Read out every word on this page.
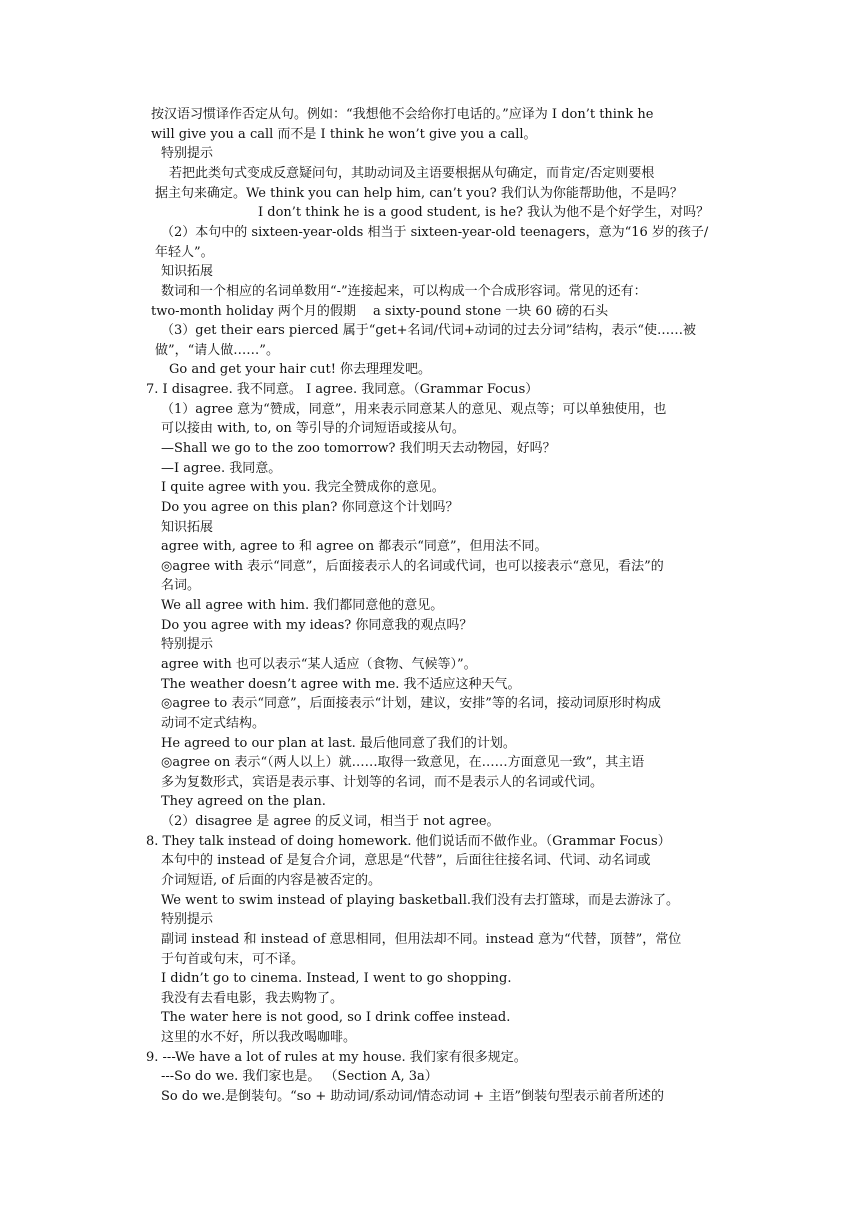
按汉语习惯译作否定从句。例如：“我想他不会给你打电话的。”应译为 I don’t think he
will give you a call 而不是 I think he won’t give you a call。
特别提示
若把此类句式变成反意疑问句，其助动词及主语要根据从句确定，而肯定/否定则要根
据主句来确定。We think you can help him, can’t you? 我们认为你能帮助他，不是吗？
I don’t think he is a good student, is he? 我认为他不是个好学生，对吗？
（2）本句中的 sixteen-year-olds 相当于 sixteen-year-old teenagers，意为“16 岁的孩子/
年轻人”。
知识拓展
数词和一个相应的名词单数用“-”连接起来，可以构成一个合成形容词。常见的还有：
two-month holiday 两个月的假期　 a sixty-pound stone 一块 60 磅的石头
（3）get their ears pierced 属于“get+名词/代词+动词的过去分词”结构，表示“使……被
做”，“请人做……”。
Go and get your hair cut! 你去理理发吧。
7. I disagree. 我不同意。 I agree. 我同意。（Grammar Focus）
（1）agree 意为“赞成，同意”，用来表示同意某人的意见、观点等；可以单独使用，也
可以接由 with, to, on 等引导的介词短语或接从句。
—Shall we go to the zoo tomorrow? 我们明天去动物园，好吗？
—I agree. 我同意。
I quite agree with you. 我完全赞成你的意见。
Do you agree on this plan? 你同意这个计划吗？
知识拓展
agree with, agree to 和 agree on 都表示“同意”，但用法不同。
◎agree with 表示“同意”，后面接表示人的名词或代词，也可以接表示“意见，看法”的
名词。
We all agree with him. 我们都同意他的意见。
Do you agree with my ideas? 你同意我的观点吗？
特别提示
agree with 也可以表示“某人适应（食物、气候等）”。
The weather doesn’t agree with me. 我不适应这种天气。
◎agree to 表示“同意”，后面接表示“计划，建议，安排”等的名词，接动词原形时构成
动词不定式结构。
He agreed to our plan at last. 最后他同意了我们的计划。
◎agree on 表示“（两人以上）就……取得一致意见，在……方面意见一致”，其主语
多为复数形式，宾语是表示事、计划等的名词，而不是表示人的名词或代词。
They agreed on the plan.
（2）disagree 是 agree 的反义词，相当于 not agree。
8. They talk instead of doing homework. 他们说话而不做作业。（Grammar Focus）
本句中的 instead of 是复合介词，意思是“代替”，后面往往接名词、代词、动名词或
介词短语, of 后面的内容是被否定的。
We went to swim instead of playing basketball.我们没有去打篮球，而是去游泳了。
特别提示
副词 instead 和 instead of 意思相同，但用法却不同。instead 意为“代替，顶替”，常位
于句首或句末，可不译。
I didn’t go to cinema. Instead, I went to go shopping.
我没有去看电影，我去购物了。
The water here is not good, so I drink coffee instead.
这里的水不好，所以我改喝咖啡。
9. ---We have a lot of rules at my house. 我们家有很多规定。
---So do we. 我们家也是。 （Section A, 3a）
So do we.是倒装句。“so + 助动词/系动词/情态动词 + 主语”倒装句型表示前者所述的
